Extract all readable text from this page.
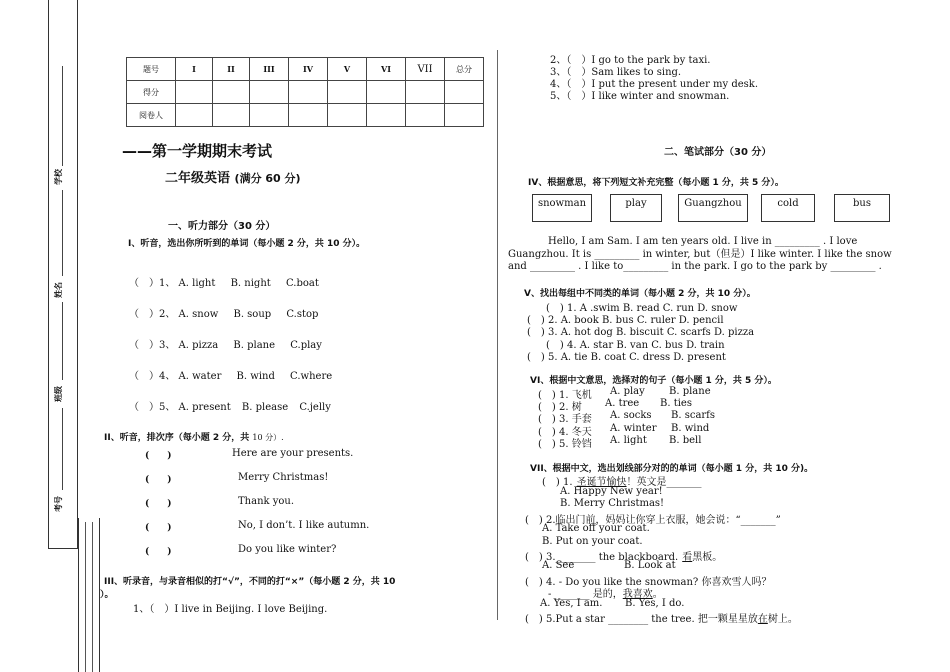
学校
姓名
班级
考号
题号	I	II	III	IV	V	VI	VII	总分
得分								
阅卷人								
——第一学期期末考试
二年级英语 (满分 60 分)
一、听力部分（30 分）
I、听音，选出你所听到的单词（每小题 2 分，共 10 分）。
（　）1、 A. light B. night C.boat
（　）2、 A. snow B. soup C.stop
（　）3、 A. pizza B. plane C.play
（　）4、 A. water B. wind C.where
（　）5、 A. present B. please C.jelly
II、听音，排次序（每小题 2 分，共 10 分）.
(　　)	Here are your presents.
(　　)	Merry Christmas!
(　　)	Thank you.
(　　)	No, I don’t. I like autumn.
(　　)	Do you like winter?
III、听录音，与录音相似的打“√”，不同的打“×”（每小题 2 分，共 10
）。
1、（　）I live in Beijing. I love Beijing.
2、（　）I go to the park by taxi.
3、（　）Sam likes to sing.
4、（　）I put the present under my desk.
5、（　）I like winter and snowman.
二、笔试部分（30 分）
IV、根据意思，将下列短文补充完整（每小题 1 分，共 5 分）。
snowman	play	Guangzhou	cold	bus
Hello, I am Sam. I am ten years old. I live in _________ . I love Guangzhou. It is _________ in winter, but（但是）I like winter. I like the snow and _________ . I like to_________ in the park. I go to the park by _________ .
V、找出每组中不同类的单词（每小题 2 分，共 10 分）。
(　) 1. A .swim B. read C. run D. snow
(　) 2. A. book B. bus C. ruler D. pencil
(　) 3. A. hot dog B. biscuit C. scarfs D. pizza
(　) 4. A. star B. van C. bus D. train
(　) 5. A. tie B. coat C. dress D. present
VI、根据中文意思，选择对的句子（每小题 1 分，共 5 分）。
(　) 1. 飞机 A. play B. plane
(　) 2. 树 A. tree B. ties
(　) 3. 手套 A. socks B. scarfs
(　) 4. 冬天 A. winter B. wind
(　) 5. 铃铛 A. light B. bell
VII、根据中文，选出划线部分对的的单词（每小题 1 分，共 10 分)。
(　) 1. 圣诞节愉快！英文是_______
A. Happy New year!
B. Merry Christmas!
(　) 2.临出门前，妈妈让你穿上衣服，她会说：“_______”
A. Take off your coat.
B. Put on your coat.
(　) 3.________ the blackboard. 看黑板。
A. See	B. Look at
(　) 4. - Do you like the snowman? 你喜欢雪人吗？
- _______ 是的，我喜欢。
A. Yes, I am. B. Yes, I do.
(　) 5.Put a star ________ the tree. 把一颗星星放在树上。
